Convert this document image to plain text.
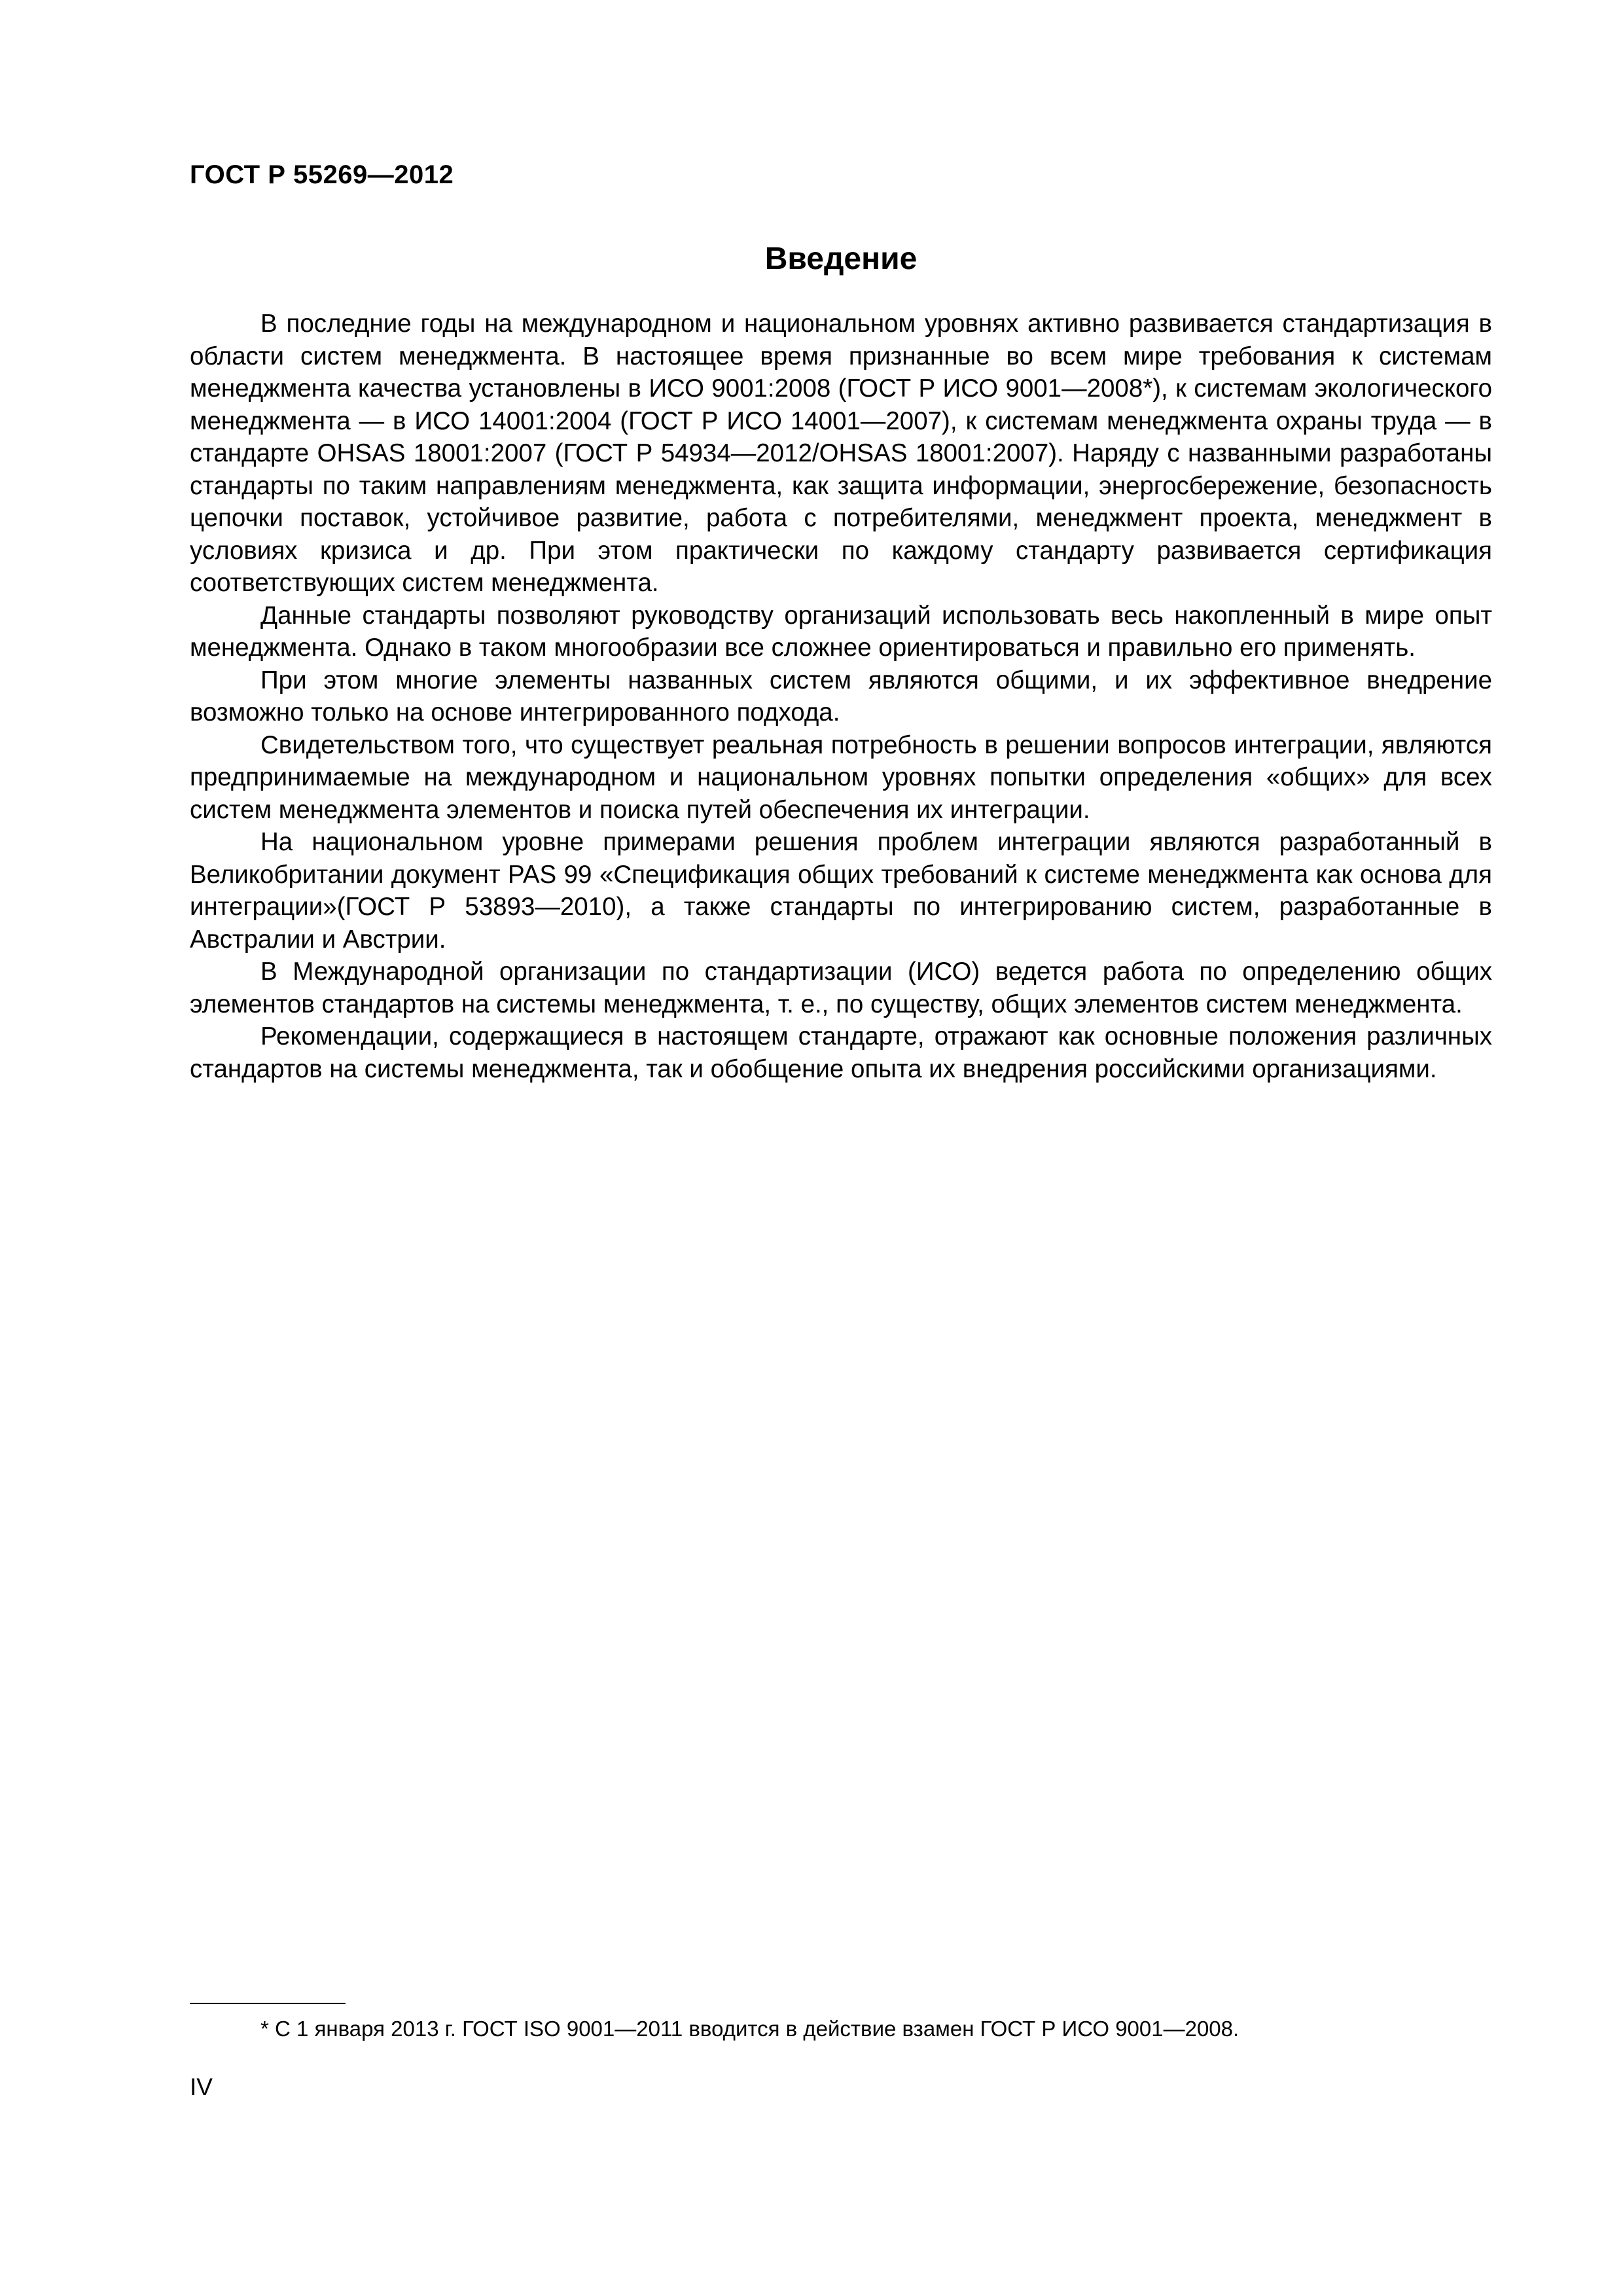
ГОСТ Р 55269—2012
Введение

В последние годы на международном и национальном уровнях активно развивается стандартизация в области систем менеджмента. В настоящее время признанные во всем мире требования к системам менеджмента качества установлены в ИСО 9001:2008 (ГОСТ Р ИСО 9001—2008*), к системам экологического менеджмента — в ИСО 14001:2004 (ГОСТ Р ИСО 14001—2007), к системам менеджмента охраны труда — в стандарте OHSAS 18001:2007 (ГОСТ Р 54934—2012/OHSAS 18001:2007). Наряду с названными разработаны стандарты по таким направлениям менеджмента, как защита информации, энергосбережение, безопасность цепочки поставок, устойчивое развитие, работа с потребителями, менеджмент проекта, менеджмент в условиях кризиса и др. При этом практически по каждому стандарту развивается сертификация соответствующих систем менеджмента.

Данные стандарты позволяют руководству организаций использовать весь накопленный в мире опыт менеджмента. Однако в таком многообразии все сложнее ориентироваться и правильно его применять.

При этом многие элементы названных систем являются общими, и их эффективное внедрение возможно только на основе интегрированного подхода.

Свидетельством того, что существует реальная потребность в решении вопросов интеграции, являются предпринимаемые на международном и национальном уровнях попытки определения «общих» для всех систем менеджмента элементов и поиска путей обеспечения их интеграции.

На национальном уровне примерами решения проблем интеграции являются разработанный в Великобритании документ PAS 99 «Спецификация общих требований к системе менеджмента как основа для интеграции»(ГОСТ Р 53893—2010), а также стандарты по интегрированию систем, разработанные в Австралии и Австрии.

В Международной организации по стандартизации (ИСО) ведется работа по определению общих элементов стандартов на системы менеджмента, т. е., по существу, общих элементов систем менеджмента.

Рекомендации, содержащиеся в настоящем стандарте, отражают как основные положения различных стандартов на системы менеджмента, так и обобщение опыта их внедрения российскими организациями.

* С 1 января 2013 г. ГОСТ ISO 9001—2011 вводится в действие взамен ГОСТ Р ИСО 9001—2008.

IV
